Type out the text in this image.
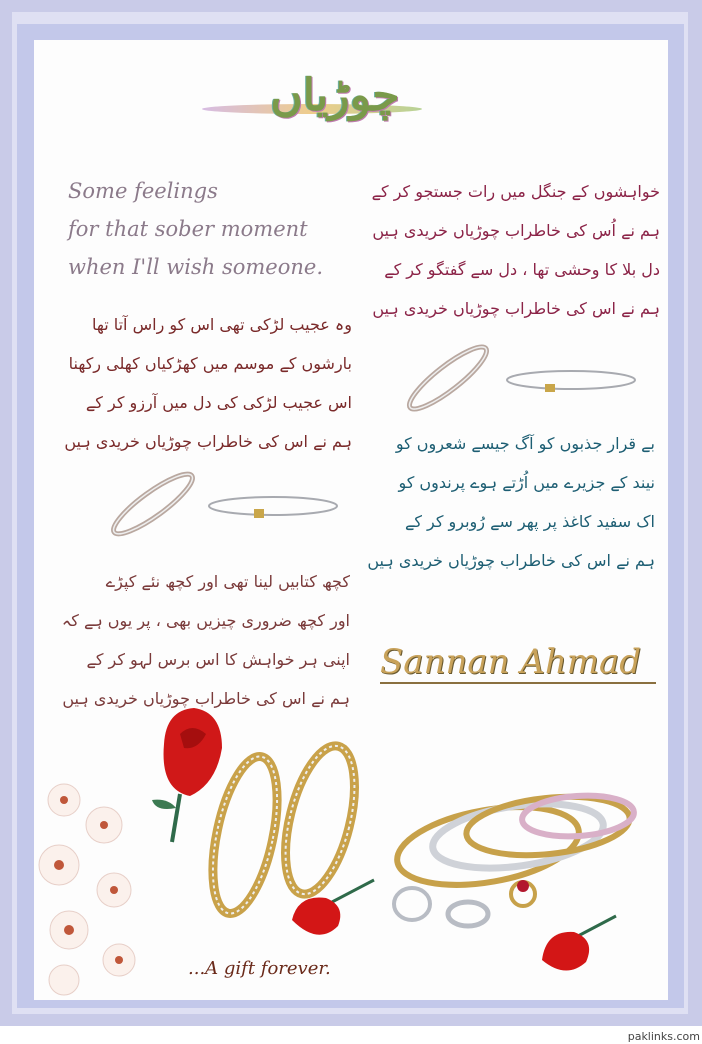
چوڑیاں
Some feelings
for that sober moment
when I'll wish someone.
خواہشوں کے جنگل میں رات جستجو کر کے
ہم نے اُس کی خاطراب چوڑیاں خریدی ہیں
دل بلا کا وحشی تھا ، دل سے گفتگو کر کے
ہم نے اس کی خاطراب چوڑیاں خریدی ہیں
وہ عجیب لڑکی تھی اس کو راس آتا تھا
بارشوں کے موسم میں کھڑکیاں کھلی رکھنا
اس عجیب لڑکی کی دل میں آرزو کر کے
ہم نے اس کی خاطراب چوڑیاں خریدی ہیں	بے قرار جذبوں کو آگ جیسے شعروں کو
نیند کے جزیرے میں اُڑتے ہوے پرندوں کو
اک سفید کاغذ پر پھر سے رُوبرو کر کے
ہم نے اس کی خاطراب چوڑیاں خریدی ہیں
کچھ کتابیں لینا تھی اور کچھ نئے کپڑے
اور کچھ ضروری چیزیں بھی ، پر یوں ہے کہ
اپنی ہر خواہش کا اس برس لہو کر کے
ہم نے اس کی خاطراب چوڑیاں خریدی ہیں
Sannan Ahmad
...A gift forever.
paklinks.com
